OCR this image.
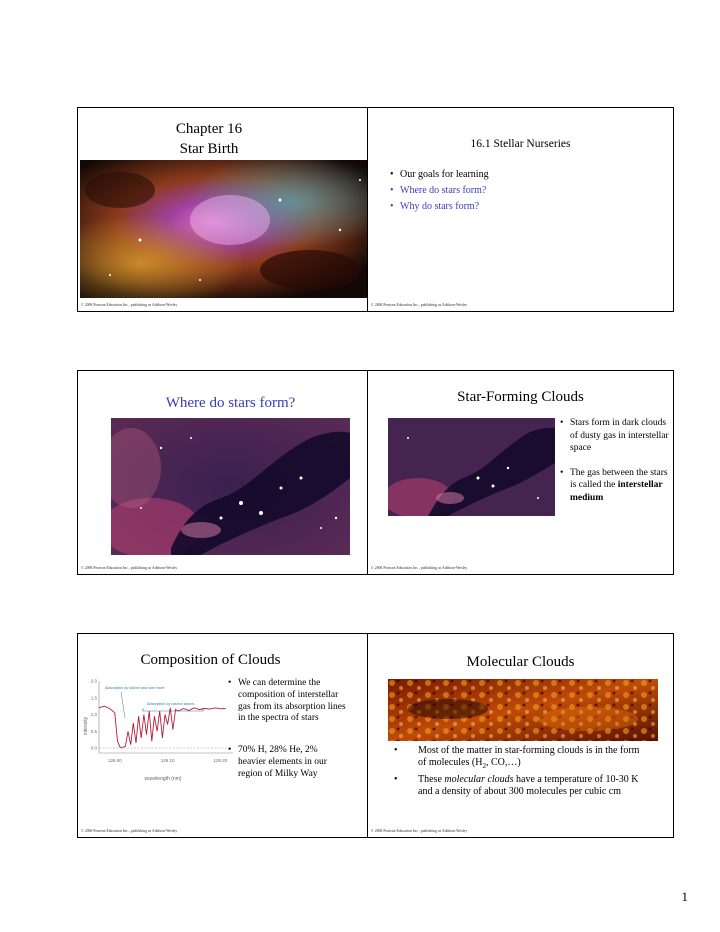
Chapter 16
Star Birth
© 2006 Pearson Education Inc., publishing as Addison-Wesley
16.1 Stellar Nurseries
• Our goals for learning
• Where do stars form?
• Why do stars form?
© 2006 Pearson Education Inc., publishing as Addison-Wesley
Where do stars form?
© 2006 Pearson Education Inc., publishing as Addison-Wesley
Star-Forming Clouds
• Stars form in dark clouds of dusty gas in interstellar space
• The gas between the stars is called the interstellar medium
© 2006 Pearson Education Inc., publishing as Addison-Wesley
Composition of Clouds
intensity
2.0
1.5
1.0
0.5
0.0
126.00	126.10	126.20
Absorption by silicon and one more
Absorption by carbon atoms
wavelength (nm)
• We can determine the composition of interstellar gas from its absorption lines in the spectra of stars
• 70% H, 28% He, 2% heavier elements in our region of Milky Way
© 2006 Pearson Education Inc., publishing as Addison-Wesley
Molecular Clouds
• Most of the matter in star-forming clouds is in the form of molecules ($H_2$, CO,…)
• These molecular clouds have a temperature of 10-30 K and a density of about 300 molecules per cubic cm
© 2006 Pearson Education Inc., publishing as Addison-Wesley
1
